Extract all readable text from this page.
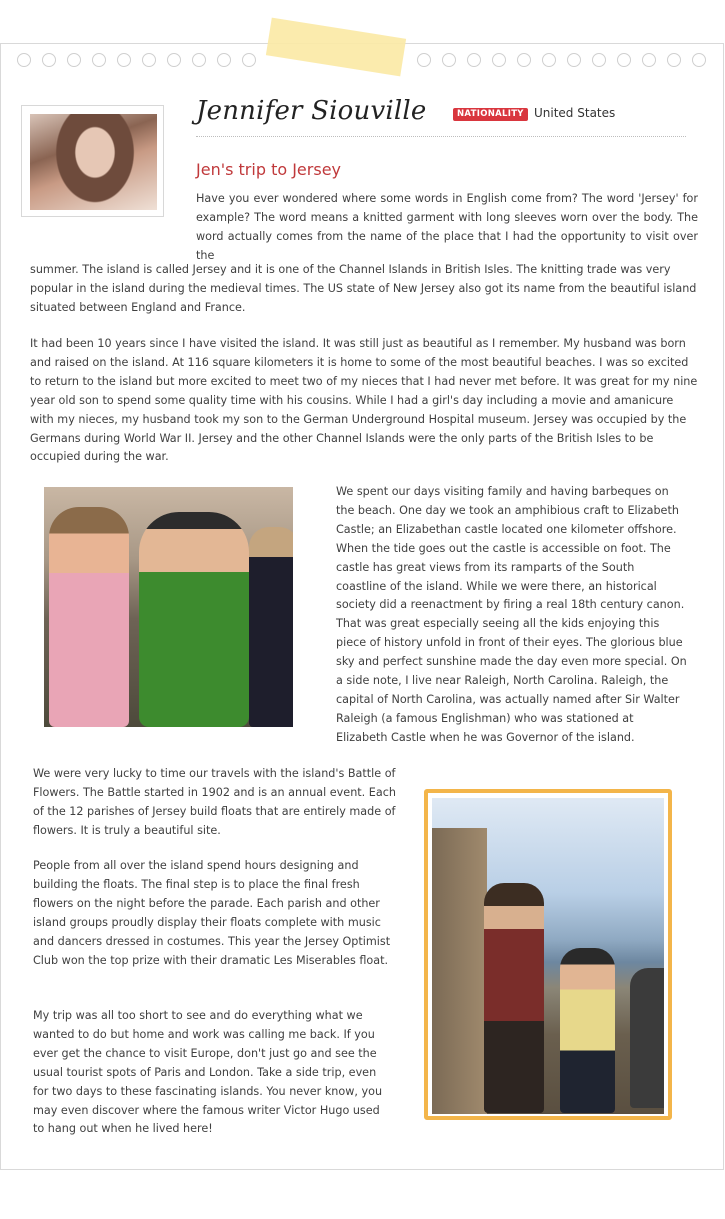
Jennifer Siouville	NATIONALITY United States
Jen's trip to Jersey

Have you ever wondered where some words in English come from? The word 'Jersey' for example? The word means a knitted garment with long sleeves worn over the body. The word actually comes from the name of the place that I had the opportunity to visit over the

summer. The island is called Jersey and it is one of the Channel Islands in British Isles. The knitting trade was very popular in the island during the medieval times. The US state of New Jersey also got its name from the beautiful island situated between England and France.

It had been 10 years since I have visited the island. It was still just as beautiful as I remember. My husband was born and raised on the island. At 116 square kilometers it is home to some of the most beautiful beaches. I was so excited to return to the island but more excited to meet two of my nieces that I had never met before. It was great for my nine year old son to spend some quality time with his cousins. While I had a girl's day including a movie and amanicure with my nieces, my husband took my son to the German Underground Hospital museum. Jersey was occupied by the Germans during World War II. Jersey and the other Channel Islands were the only parts of the British Isles to be occupied during the war.

We spent our days visiting family and having barbeques on the beach. One day we took an amphibious craft to Elizabeth Castle; an Elizabethan castle located one kilometer offshore. When the tide goes out the castle is accessible on foot. The castle has great views from its ramparts of the South coastline of the island. While we were there, an historical society did a reenactment by firing a real 18th century canon. That was great especially seeing all the kids enjoying this piece of history unfold in front of their eyes. The glorious blue sky and perfect sunshine made the day even more special. On a side note, I live near Raleigh, North Carolina. Raleigh, the capital of North Carolina, was actually named after Sir Walter Raleigh (a famous Englishman) who was stationed at Elizabeth Castle when he was Governor of the island.

We were very lucky to time our travels with the island's Battle of Flowers. The Battle started in 1902 and is an annual event. Each of the 12 parishes of Jersey build floats that are entirely made of flowers. It is truly a beautiful site.

People from all over the island spend hours designing and building the floats. The final step is to place the final fresh flowers on the night before the parade. Each parish and other island groups proudly display their floats complete with music and dancers dressed in costumes. This year the Jersey Optimist Club won the top prize with their dramatic Les Miserables float.

My trip was all too short to see and do everything what we wanted to do but home and work was calling me back. If you ever get the chance to visit Europe, don't just go and see the usual tourist spots of Paris and London. Take a side trip, even for two days to these fascinating islands. You never know, you may even discover where the famous writer Victor Hugo used to hang out when he lived here!
